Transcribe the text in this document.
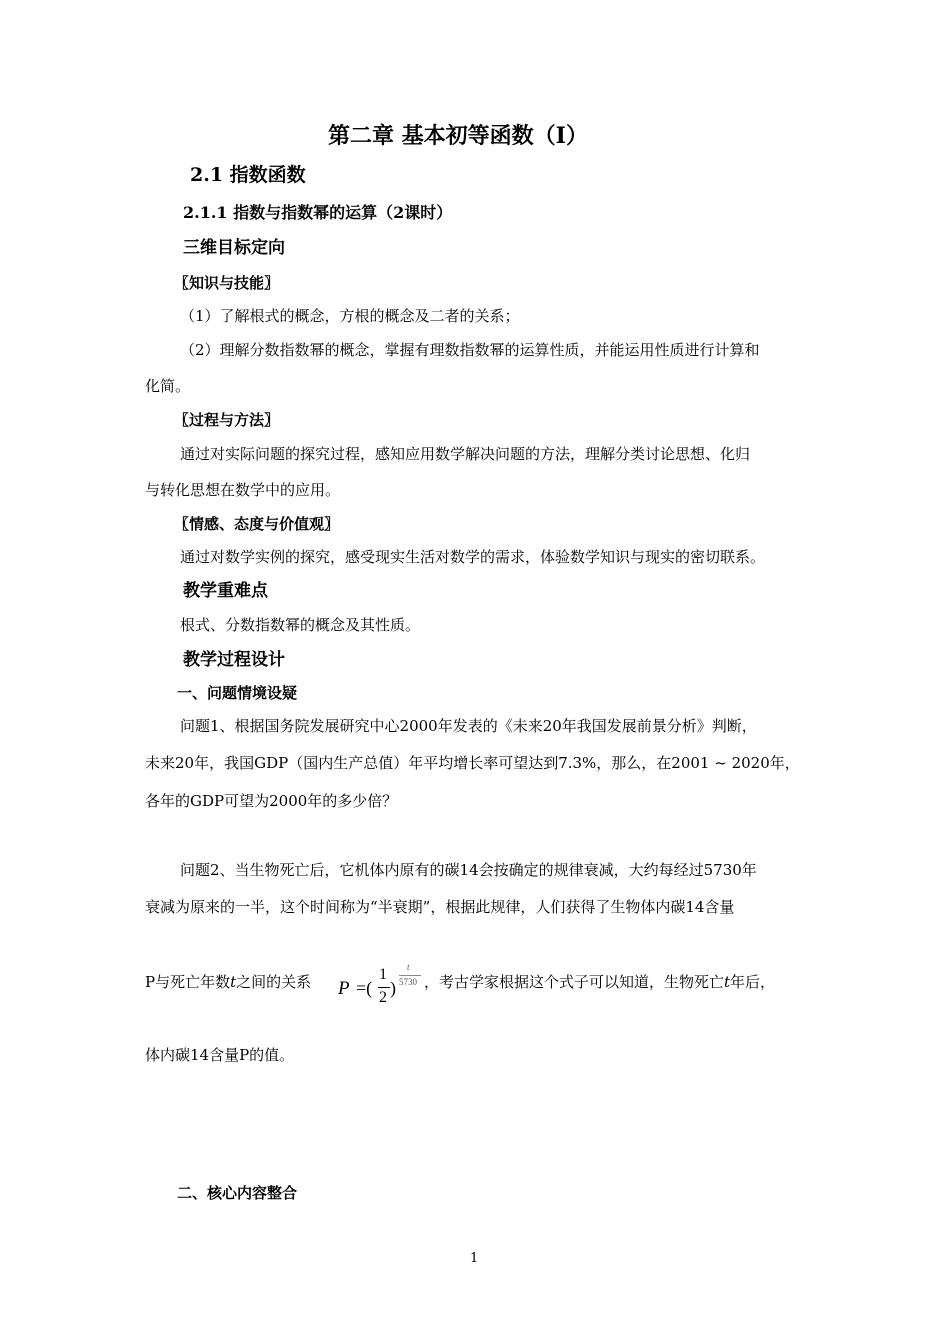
第二章 基本初等函数（Ⅰ）
2.1 指数函数
2.1.1 指数与指数幂的运算（2课时）
三维目标定向
〖知识与技能〗
（1）了解根式的概念，方根的概念及二者的关系；
（2）理解分数指数幂的概念，掌握有理数指数幂的运算性质，并能运用性质进行计算和
化简。
〖过程与方法〗
通过对实际问题的探究过程，感知应用数学解决问题的方法，理解分类讨论思想、化归
与转化思想在数学中的应用。
〖情感、态度与价值观〗
通过对数学实例的探究，感受现实生活对数学的需求，体验数学知识与现实的密切联系。
教学重难点
根式、分数指数幂的概念及其性质。
教学过程设计
一、问题情境设疑
问题1、根据国务院发展研究中心2000年发表的《未来20年我国发展前景分析》判断，
未来20年，我国GDP（国内生产总值）年平均增长率可望达到7.3%，那么，在2001 ~ 2020年，
各年的GDP可望为2000年的多少倍？
问题2、当生物死亡后，它机体内原有的碳14会按确定的规律衰减，大约每经过5730年
衰减为原来的一半，这个时间称为“半衰期”，根据此规律，人们获得了生物体内碳14含量
P与死亡年数t之间的关系 P =(
1
2 )
t
5730 ，考古学家根据这个式子可以知道，生物死亡t年后，
体内碳14含量P的值。
二、核心内容整合
1
